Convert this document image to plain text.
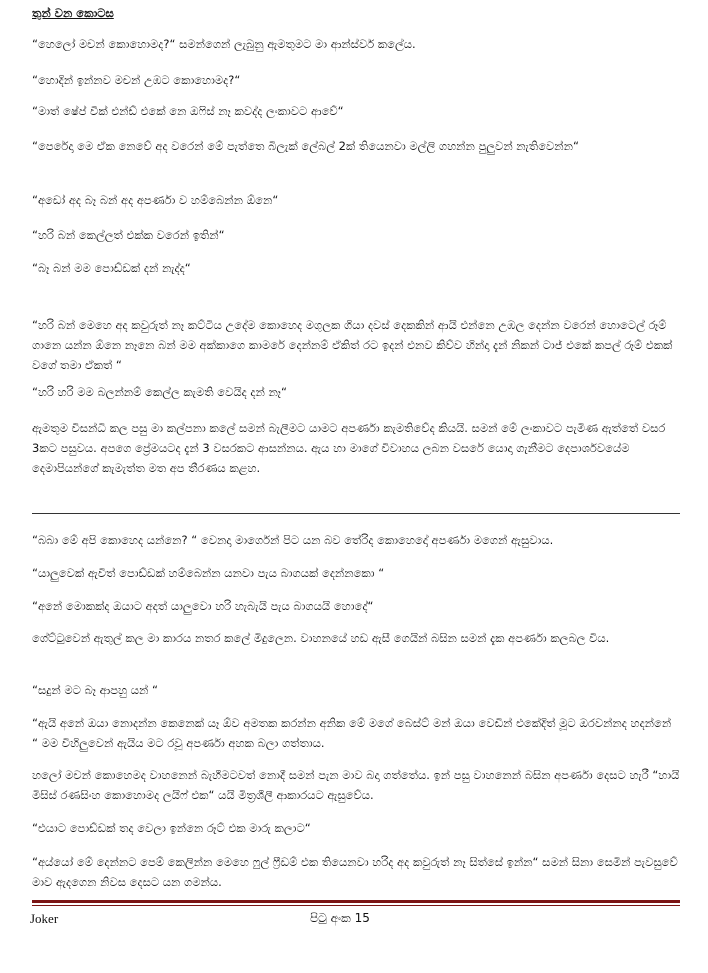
තුන් වන කොටස

“හෙලෝ මචන් කොහොමද?“ සමන්ගෙන් ලැබුනු ඇමතුමට මා ආන්ස්වර් කලේය.

“හොදින් ඉන්නව මචන් උඹට කොහොමද?“

“මාත් ෂේප් වීක් එන්ඩ් එකේ නෙ ඔෆිස් නෑ කවද්ද ලංකාවට ආවේ“

“පෙරේදා මෙ ඒක නෙවේ අද වරෙන් මේ පැත්තෙ බිලැක් ලේබල් 2ක් තියෙනවා මල්ලි ගහන්න පුලුවන් නැතිවෙන්න“

“අඩෝ අද බෑ බන් අද අපර්ණා ව හම්බෙන්න ඕනෙ“

“හරි බන් කෙල්ලත් එක්ක වරෙන් ඉතින්“

“බෑ බන් මම පොඩ්ඩක් දන් නැද්ද“

“හරි බන් මෙහෙ අද කවුරුත් නෑ කට්ටිය උදේම කොහෙද මගුලක ගියා දවස් දෙකකින් ආයි එන්නෙ උඹල දෙන්න වරෙන් හොටෙල් රූම් ගානෙ යන්න ඕනෙ නෑනෙ බන් මම අක්කාගෙ කාමරේ දෙන්නම් ඒකිත් රට ඉදන් එනව කිව්ව හින්දා දැන් නිකන් ටාජ් එකේ කපල් රූම් එකක් වගේ තමා ඒකත් “

“හරි හරි මම බලන්නම් කෙල්ල කැමති වෙයිද දන් නෑ“

ඇමතුම විසන්ධි කල පසු මා කල්පනා කලේ සමන් බැලීමට යාමට අපර්ණා කැමතිවේද කියයි. සමන් මේ ලංකාවට පැමිණ ඇත්තේ වසර 3කට පසුවය. අපගෙ ප්‍රේමයටද දැන් 3 වසරකට ආසන්නය. ඇය හා මාගේ විවාහය ලබන වසරේ යොදා ගැනීමට දෙපාර්ශවයේම දෙමාපියන්ගේ කැමැත්ත මත අප තීරණය කළහ.

“බබා මේ අපි කොහෙද යන්නෙ? “ වෙනදා මාර්ගෙන් පිට යන බව තේරිද කොහෙදෝ අපර්ණා මගෙන් ඇසුවාය.

“යාලුවෙක් ඇවිත් පොඩ්ඩක් හම්බෙන්න යනවා පැය බාගයක් දෙන්නකො “

“අනේ මොකක්ද ඔයාට අදත් යාලුවො හරි හැබැයි පැය බාගයයි හොදේ“

ගේට්ටුවෙන් ඇතුල් කල මා කාරය නතර කලේ මිදුලෙන. වාහනයේ හඩ ඇසී ගෙයින් බසින සමන් දැක අපර්ණා කලබල විය.

“සදුන් මට බෑ ආපහු යන් “

“ඇයි අනේ ඔයා නොදන්න කෙනෙක් යෑ ඕව අමතක කරන්න අනික මේ මගේ බෙස්ට් මන් ඔයා වෙඩින් එකේදිත් මූට ඔරවන්නද හදන්නේ “ මම විහිලුවෙන් ඇයිය මට රවූ අපර්ණා අහක බලා ගත්තාය.

හලෝ මචන් කොහෙමද වාහනෙන් බැහීමටවත් නොදී සමන් පැන මාව බදා ගත්තේය. ඉන් පසු වාහනෙන් බසින අපර්ණා දෙසට හැරී “හායි මිසිස් රණසිංහ කොහොමද ලයිෆ් එක“ යයි මිත්‍රශීලී ආකාරයට ඇසුවේය.

“එයාට පොඩ්ඩක් තද වෙලා ඉන්නෙ රූට් එක මාරු කලාට“

“අය්යෝ මේ දෙන්නට පෙම් කෙලින්න මෙහෙ ෆුල් ෆ්‍රීඩම් එක තියෙනවා හරිද අද කවුරුත් නෑ සිත්සේ ඉන්න“ සමන් සිනා සෙමින් පැවසුවේ මාව ඇදගෙන නිවස දෙසට යන ගමන්ය.

Joker	පිටු අංක 15
